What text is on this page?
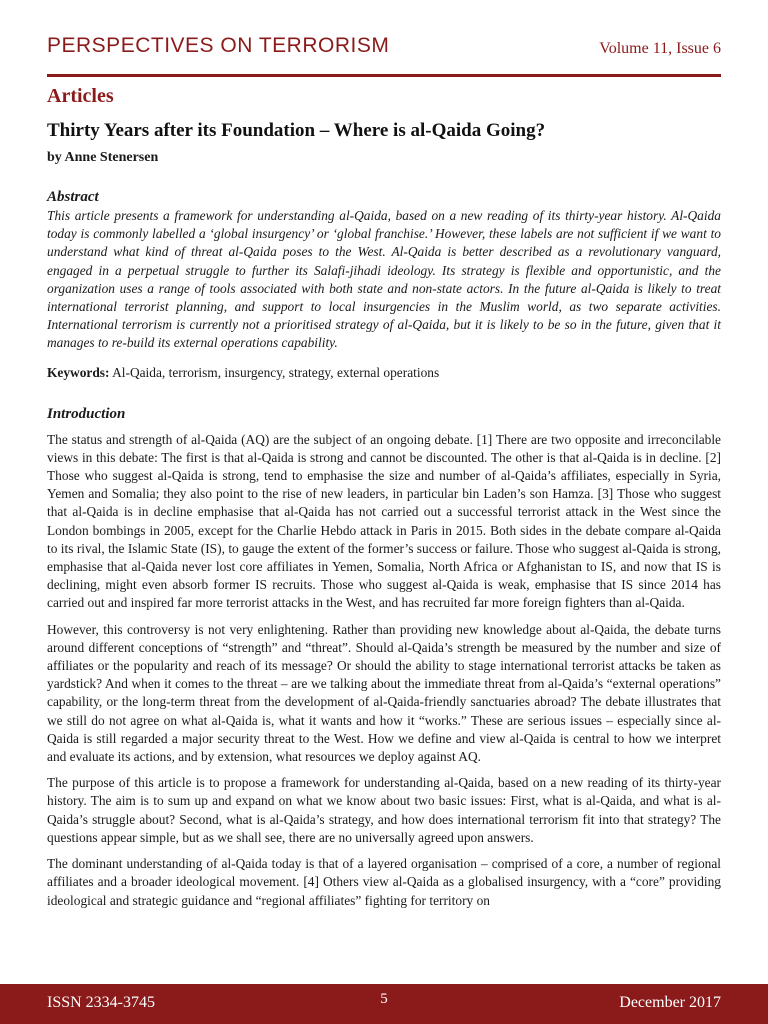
PERSPECTIVES ON TERRORISM	Volume 11, Issue 6
Articles
Thirty Years after its Foundation – Where is al-Qaida Going?
by Anne Stenersen
Abstract

This article presents a framework for understanding al-Qaida, based on a new reading of its thirty-year history. Al-Qaida today is commonly labelled a ‘global insurgency’ or ‘global franchise.’ However, these labels are not sufficient if we want to understand what kind of threat al-Qaida poses to the West. Al-Qaida is better described as a revolutionary vanguard, engaged in a perpetual struggle to further its Salafi-jihadi ideology. Its strategy is flexible and opportunistic, and the organization uses a range of tools associated with both state and non-state actors. In the future al-Qaida is likely to treat international terrorist planning, and support to local insurgencies in the Muslim world, as two separate activities. International terrorism is currently not a prioritised strategy of al-Qaida, but it is likely to be so in the future, given that it manages to re-build its external operations capability.

Keywords: Al-Qaida, terrorism, insurgency, strategy, external operations

Introduction

The status and strength of al-Qaida (AQ) are the subject of an ongoing debate. [1] There are two opposite and irreconcilable views in this debate: The first is that al-Qaida is strong and cannot be discounted. The other is that al-Qaida is in decline. [2] Those who suggest al-Qaida is strong, tend to emphasise the size and number of al-Qaida’s affiliates, especially in Syria, Yemen and Somalia; they also point to the rise of new leaders, in particular bin Laden’s son Hamza. [3] Those who suggest that al-Qaida is in decline emphasise that al-Qaida has not carried out a successful terrorist attack in the West since the London bombings in 2005, except for the Charlie Hebdo attack in Paris in 2015. Both sides in the debate compare al-Qaida to its rival, the Islamic State (IS), to gauge the extent of the former’s success or failure. Those who suggest al-Qaida is strong, emphasise that al-Qaida never lost core affiliates in Yemen, Somalia, North Africa or Afghanistan to IS, and now that IS is declining, might even absorb former IS recruits. Those who suggest al-Qaida is weak, emphasise that IS since 2014 has carried out and inspired far more terrorist attacks in the West, and has recruited far more foreign fighters than al-Qaida.

However, this controversy is not very enlightening. Rather than providing new knowledge about al-Qaida, the debate turns around different conceptions of “strength” and “threat”. Should al-Qaida’s strength be measured by the number and size of affiliates or the popularity and reach of its message? Or should the ability to stage international terrorist attacks be taken as yardstick? And when it comes to the threat – are we talking about the immediate threat from al-Qaida’s “external operations” capability, or the long-term threat from the development of al-Qaida-friendly sanctuaries abroad? The debate illustrates that we still do not agree on what al-Qaida is, what it wants and how it “works.” These are serious issues – especially since al-Qaida is still regarded a major security threat to the West. How we define and view al-Qaida is central to how we interpret and evaluate its actions, and by extension, what resources we deploy against AQ.

The purpose of this article is to propose a framework for understanding al-Qaida, based on a new reading of its thirty-year history. The aim is to sum up and expand on what we know about two basic issues: First, what is al-Qaida, and what is al-Qaida’s struggle about? Second, what is al-Qaida’s strategy, and how does international terrorism fit into that strategy? The questions appear simple, but as we shall see, there are no universally agreed upon answers.

The dominant understanding of al-Qaida today is that of a layered organisation – comprised of a core, a number of regional affiliates and a broader ideological movement. [4] Others view al-Qaida as a globalised insurgency, with a “core” providing ideological and strategic guidance and “regional affiliates” fighting for territory on

ISSN 2334-3745	5	December 2017
